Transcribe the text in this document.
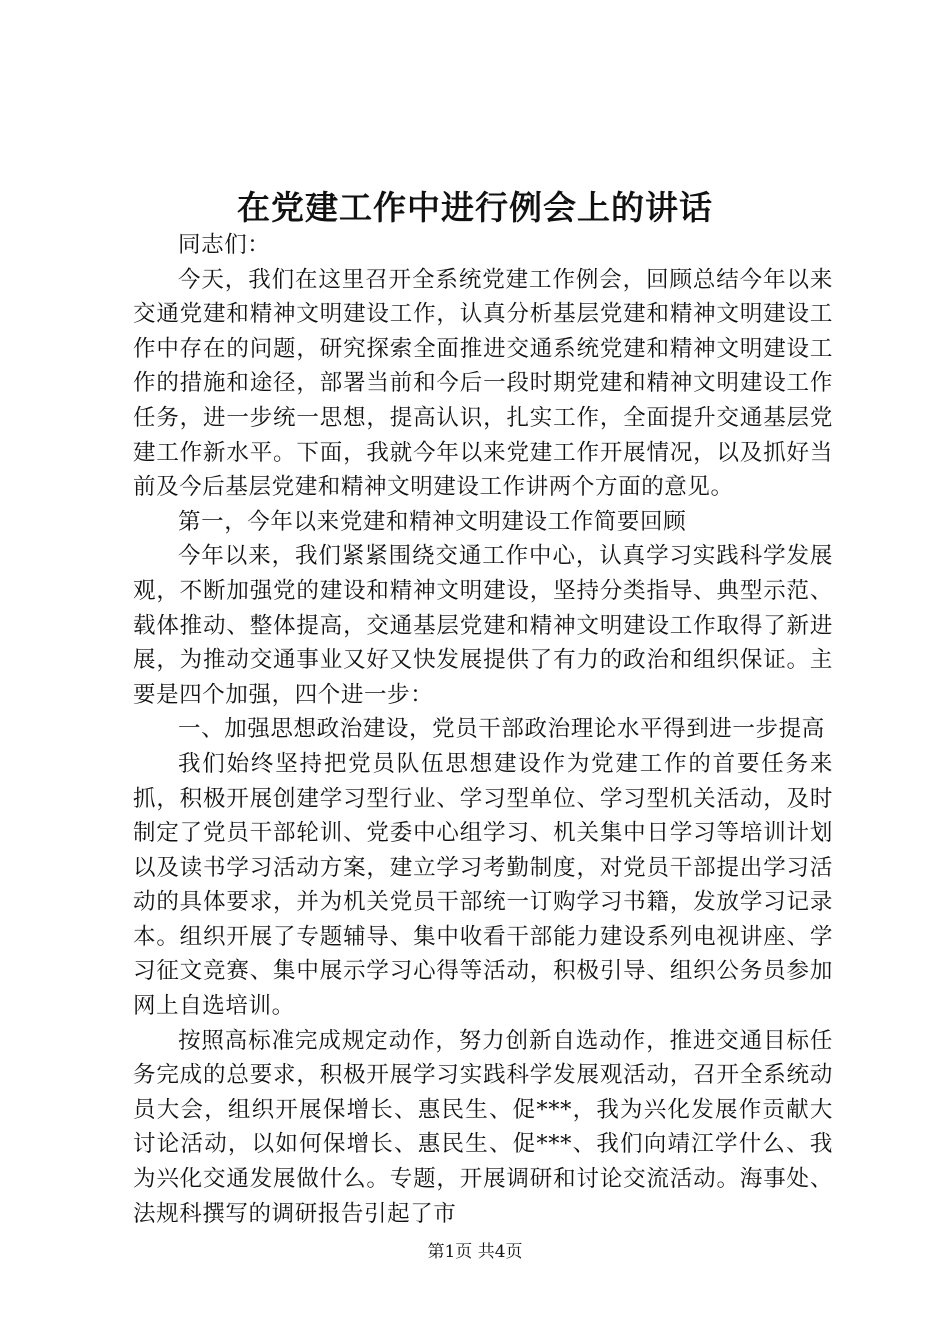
在党建工作中进行例会上的讲话

同志们：

今天，我们在这里召开全系统党建工作例会，回顾总结今年以来交通党建和精神文明建设工作，认真分析基层党建和精神文明建设工作中存在的问题，研究探索全面推进交通系统党建和精神文明建设工作的措施和途径，部署当前和今后一段时期党建和精神文明建设工作任务，进一步统一思想，提高认识，扎实工作，全面提升交通基层党建工作新水平。下面，我就今年以来党建工作开展情况，以及抓好当前及今后基层党建和精神文明建设工作讲两个方面的意见。

第一，今年以来党建和精神文明建设工作简要回顾

今年以来，我们紧紧围绕交通工作中心，认真学习实践科学发展观，不断加强党的建设和精神文明建设，坚持分类指导、典型示范、载体推动、整体提高，交通基层党建和精神文明建设工作取得了新进展，为推动交通事业又好又快发展提供了有力的政治和组织保证。主要是四个加强，四个进一步：

一、加强思想政治建设，党员干部政治理论水平得到进一步提高

我们始终坚持把党员队伍思想建设作为党建工作的首要任务来抓，积极开展创建学习型行业、学习型单位、学习型机关活动，及时制定了党员干部轮训、党委中心组学习、机关集中日学习等培训计划以及读书学习活动方案，建立学习考勤制度，对党员干部提出学习活动的具体要求，并为机关党员干部统一订购学习书籍，发放学习记录本。组织开展了专题辅导、集中收看干部能力建设系列电视讲座、学习征文竞赛、集中展示学习心得等活动，积极引导、组织公务员参加网上自选培训。

按照高标准完成规定动作，努力创新自选动作，推进交通目标任务完成的总要求，积极开展学习实践科学发展观活动，召开全系统动员大会，组织开展保增长、惠民生、促***，我为兴化发展作贡献大讨论活动，以如何保增长、惠民生、促***、我们向靖江学什么、我为兴化交通发展做什么。专题，开展调研和讨论交流活动。海事处、法规科撰写的调研报告引起了市

第1页 共4页
